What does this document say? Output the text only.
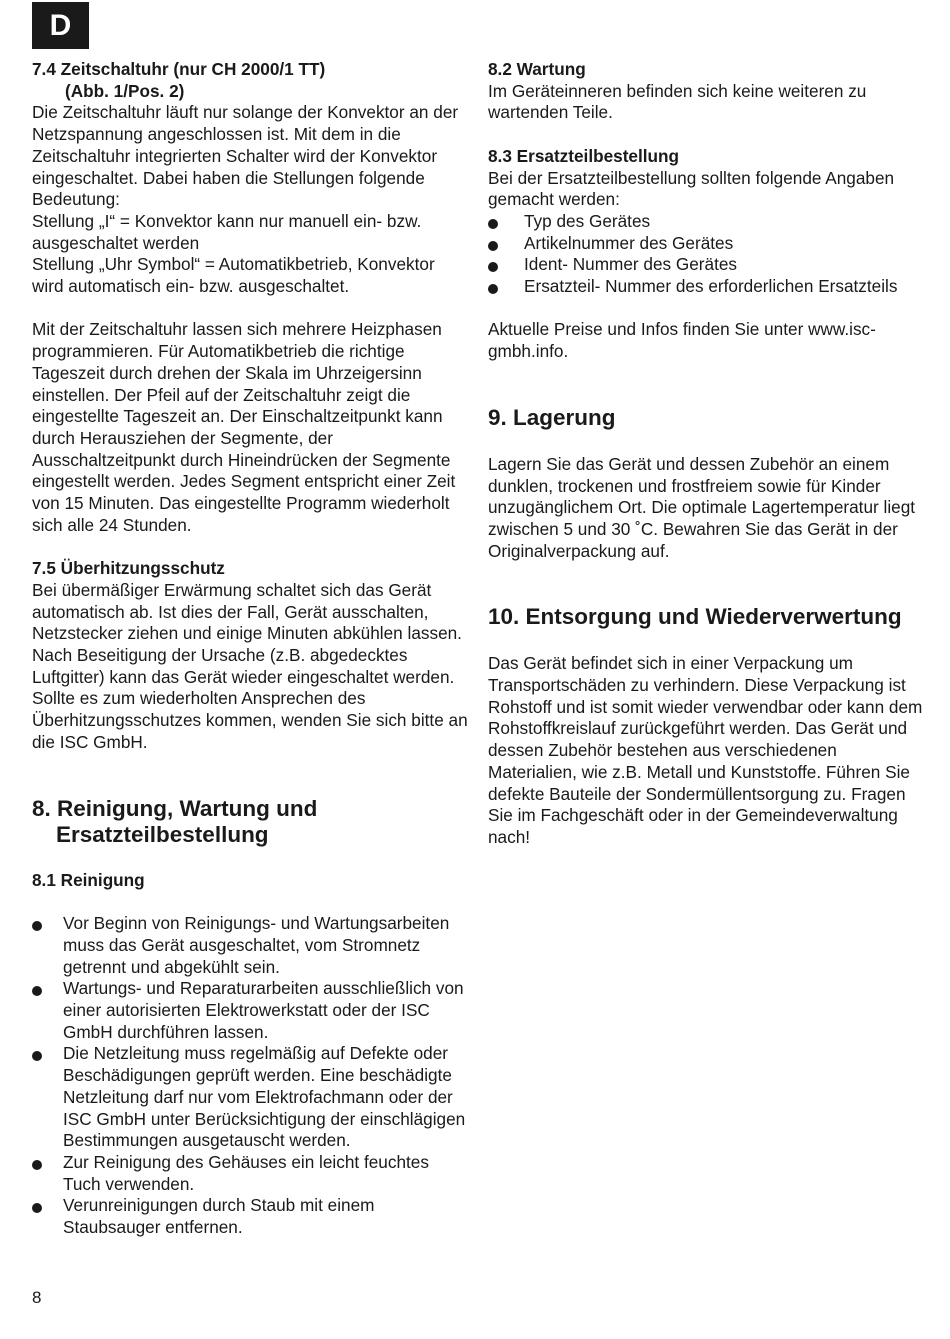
D

7.4 Zeitschaltuhr (nur CH 2000/1 TT)

(Abb. 1/Pos. 2)

Die Zeitschaltuhr läuft nur solange der Konvektor an der Netzspannung angeschlossen ist. Mit dem in die Zeitschaltuhr integrierten Schalter wird der Konvektor eingeschaltet. Dabei haben die Stellungen folgende Bedeutung:

Stellung „I“ = Konvektor kann nur manuell ein- bzw. ausgeschaltet werden

Stellung „Uhr Symbol“ = Automatikbetrieb, Konvektor wird automatisch ein- bzw. ausgeschaltet.

Mit der Zeitschaltuhr lassen sich mehrere Heizphasen programmieren. Für Automatikbetrieb die richtige Tageszeit durch drehen der Skala im Uhrzeigersinn einstellen. Der Pfeil auf der Zeitschaltuhr zeigt die eingestellte Tageszeit an. Der Einschaltzeitpunkt kann durch Herausziehen der Segmente, der Ausschaltzeitpunkt durch Hineindrücken der Segmente eingestellt werden. Jedes Segment entspricht einer Zeit von 15 Minuten. Das eingestellte Programm wiederholt sich alle 24 Stunden.

7.5 Überhitzungsschutz

Bei übermäßiger Erwärmung schaltet sich das Gerät automatisch ab. Ist dies der Fall, Gerät ausschalten, Netzstecker ziehen und einige Minuten abkühlen lassen. Nach Beseitigung der Ursache (z.B. abgedecktes Luftgitter) kann das Gerät wieder eingeschaltet werden. Sollte es zum wiederholten Ansprechen des Überhitzungsschutzes kommen, wenden Sie sich bitte an die ISC GmbH.

8. Reinigung, Wartung und

Ersatzteilbestellung

8.1 Reinigung

Vor Beginn von Reinigungs- und Wartungsarbeiten muss das Gerät ausgeschaltet, vom Stromnetz getrennt und abgekühlt sein.
Wartungs- und Reparaturarbeiten ausschließlich von einer autorisierten Elektrowerkstatt oder der ISC GmbH durchführen lassen.
Die Netzleitung muss regelmäßig auf Defekte oder Beschädigungen geprüft werden. Eine beschädigte Netzleitung darf nur vom Elektrofachmann oder der ISC GmbH unter Berücksichtigung der einschlägigen Bestimmungen ausgetauscht werden.
Zur Reinigung des Gehäuses ein leicht feuchtes Tuch verwenden.
Verunreinigungen durch Staub mit einem Staubsauger entfernen.

8.2 Wartung

Im Geräteinneren befinden sich keine weiteren zu wartenden Teile.

8.3 Ersatzteilbestellung

Bei der Ersatzteilbestellung sollten folgende Angaben gemacht werden:

Typ des Gerätes
Artikelnummer des Gerätes
Ident- Nummer des Gerätes
Ersatzteil- Nummer des erforderlichen Ersatzteils

Aktuelle Preise und Infos finden Sie unter www.isc-gmbh.info.

9. Lagerung

Lagern Sie das Gerät und dessen Zubehör an einem dunklen, trockenen und frostfreiem sowie für Kinder unzugänglichem Ort. Die optimale Lagertemperatur liegt zwischen 5 und 30 ˚C. Bewahren Sie das Gerät in der Originalverpackung auf.

10. Entsorgung und Wiederverwertung

Das Gerät befindet sich in einer Verpackung um Transportschäden zu verhindern. Diese Verpackung ist Rohstoff und ist somit wieder verwendbar oder kann dem Rohstoffkreislauf zurückgeführt werden. Das Gerät und dessen Zubehör bestehen aus verschiedenen Materialien, wie z.B. Metall und Kunststoffe. Führen Sie defekte Bauteile der Sondermüllentsorgung zu. Fragen Sie im Fachgeschäft oder in der Gemeindeverwaltung nach!

8
